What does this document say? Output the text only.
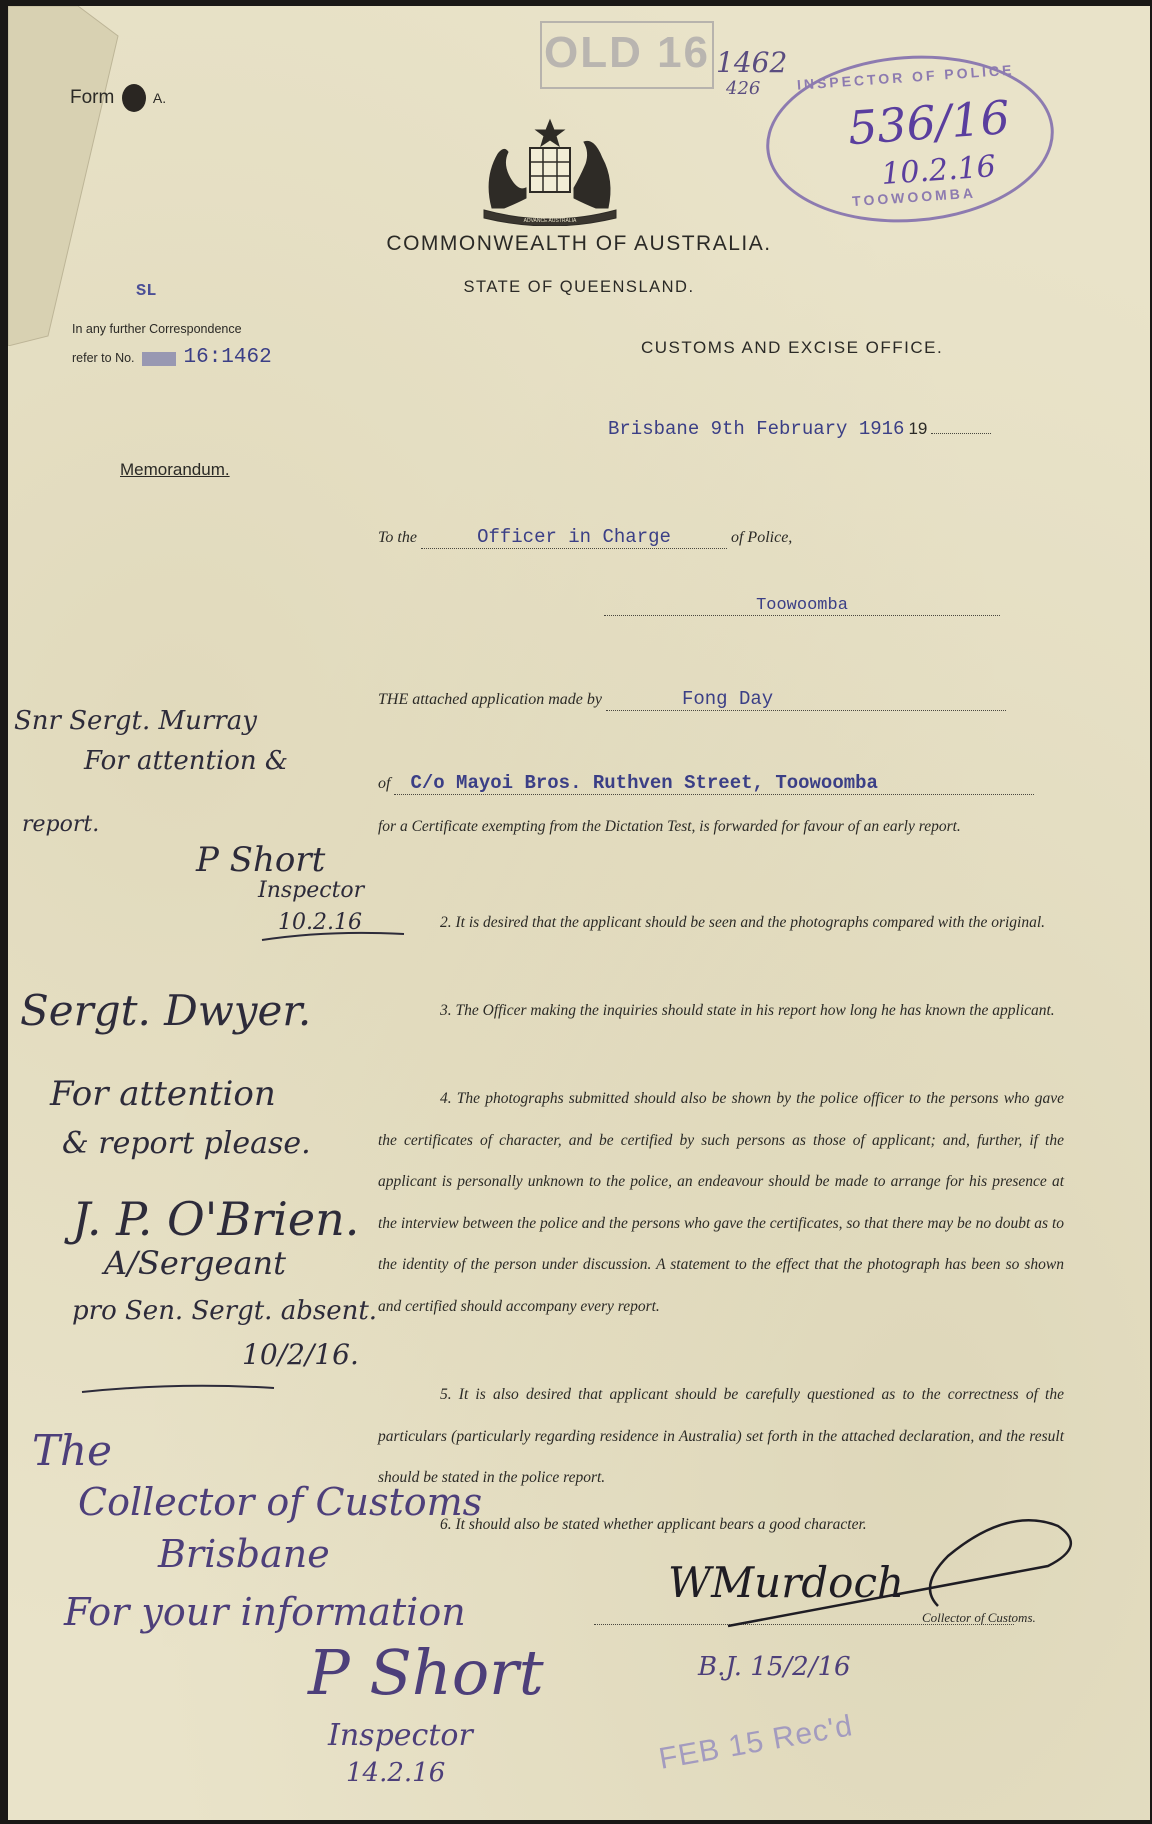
Form	A.
OLD 16 1462
426	INSPECTOR OF POLICE
TOOWOOMBA
536/16
10.2.16
ADVANCE AUSTRALIA
COMMONWEALTH OF AUSTRALIA.
STATE OF QUEENSLAND.
SL
In any further Correspondence
refer to No. 16:1462	CUSTOMS AND EXCISE OFFICE.
Brisbane 9th February 1916 19
Memorandum.
To the	Officer in Charge	of Police,
Toowoomba
THE attached application made by	Fong Day
of C/o Mayoi Bros. Ruthven Street, Toowoomba
for a Certificate exempting from the Dictation Test, is forwarded for favour of an early report.
2. It is desired that the applicant should be seen and the photographs compared with the original.
3. The Officer making the inquiries should state in his report how long he has known the applicant.
4. The photographs submitted should also be shown by the police officer to the persons who gave the certificates of character, and be certified by such persons as those of applicant; and, further, if the applicant is personally unknown to the police, an endeavour should be made to arrange for his presence at the interview between the police and the persons who gave the certificates, so that there may be no doubt as to the identity of the person under discussion. A statement to the effect that the photograph has been so shown and certified should accompany every report.
5. It is also desired that applicant should be carefully questioned as to the correctness of the particulars (particularly regarding residence in Australia) set forth in the attached declaration, and the result should be stated in the police report.
6. It should also be stated whether applicant bears a good character.
WMurdoch
Collector of Customs.
Snr Sergt. Murray
For attention &
report.
P Short
Inspector
10.2.16
Sergt. Dwyer.
For attention
& report please.
J. P. O'Brien.
A/Sergeant
pro Sen. Sergt. absent.
10/2/16.
The
Collector of Customs
Brisbane
For your information
P Short
Inspector
14.2.16
B.J. 15/2/16
FEB 15 Rec'd
